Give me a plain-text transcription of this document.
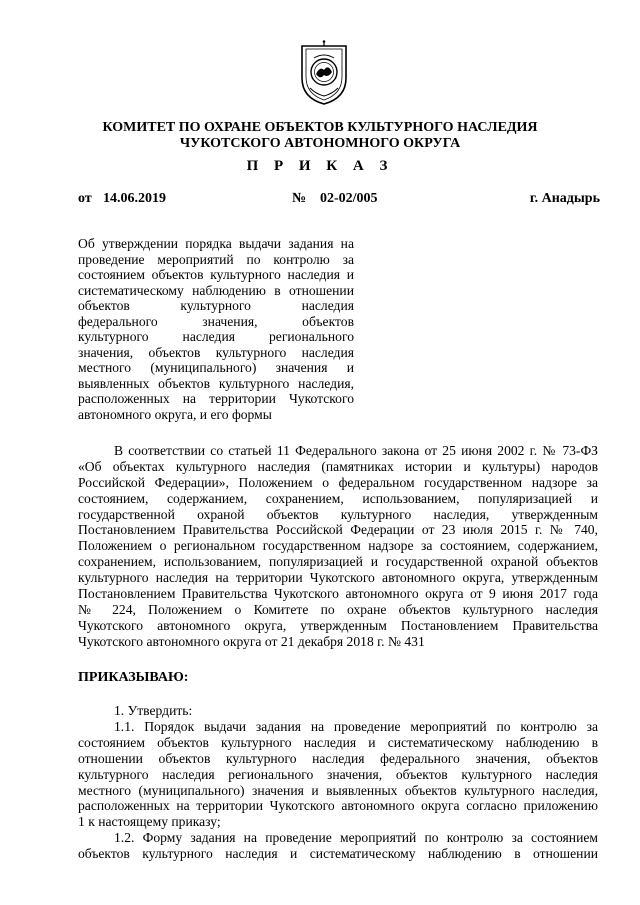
КОМИТЕТ ПО ОХРАНЕ ОБЪЕКТОВ КУЛЬТУРНОГО НАСЛЕДИЯ
ЧУКОТСКОГО АВТОНОМНОГО ОКРУГА
П Р И К А З
от 14.06.2019	№ 02-02/005	г. Анадырь
Об утверждении порядка выдачи задания на
проведение мероприятий по контролю за
состоянием объектов культурного наследия и
систематическому наблюдению в отношении
объектов культурного наследия
федерального значения, объектов
культурного наследия регионального
значения, объектов культурного наследия
местного (муниципального) значения и
выявленных объектов культурного наследия,
расположенных на территории Чукотского
автономного округа, и его формы
В соответствии со статьей 11 Федерального закона от 25 июня 2002 г. № 73-ФЗ
«Об объектах культурного наследия (памятниках истории и культуры) народов
Российской Федерации», Положением о федеральном государственном надзоре за
состоянием, содержанием, сохранением, использованием, популяризацией и
государственной охраной объектов культурного наследия, утвержденным
Постановлением Правительства Российской Федерации от 23 июля 2015 г. № 740,
Положением о региональном государственном надзоре за состоянием, содержанием,
сохранением, использованием, популяризацией и государственной охраной объектов
культурного наследия на территории Чукотского автономного округа, утвержденным
Постановлением Правительства Чукотского автономного округа от 9 июня 2017 года
№ 224, Положением о Комитете по охране объектов культурного наследия
Чукотского автономного округа, утвержденным Постановлением Правительства
Чукотского автономного округа от 21 декабря 2018 г. № 431
ПРИКАЗЫВАЮ:
1. Утвердить:
1.1. Порядок выдачи задания на проведение мероприятий по контролю за
состоянием объектов культурного наследия и систематическому наблюдению в
отношении объектов культурного наследия федерального значения, объектов
культурного наследия регионального значения, объектов культурного наследия
местного (муниципального) значения и выявленных объектов культурного наследия,
расположенных на территории Чукотского автономного округа согласно приложению
1 к настоящему приказу;
1.2. Форму задания на проведение мероприятий по контролю за состоянием
объектов культурного наследия и систематическому наблюдению в отношении
